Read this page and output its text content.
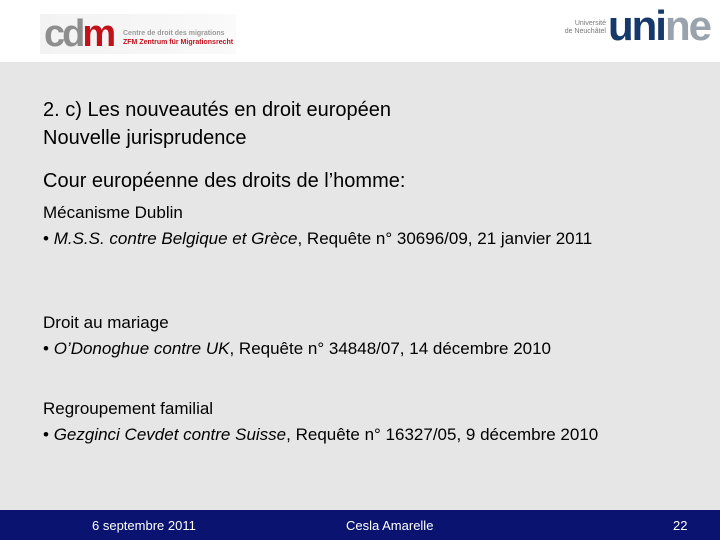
cdm Centre de droit des migrations
ZFM Zentrum für Migrationsrecht
Université
de Neuchâtel unine
2. c) Les nouveautés en droit européen
Nouvelle jurisprudence
Cour européenne des droits de l’homme:

Mécanisme Dublin

• M.S.S. contre Belgique et Grèce, Requête n° 30696/09, 21 janvier 2011

Droit au mariage

• O’Donoghue contre UK, Requête n° 34848/07, 14 décembre 2010

Regroupement familial

• Gezginci Cevdet contre Suisse, Requête n° 16327/05, 9 décembre 2010

6 septembre 2011	Cesla Amarelle	22
